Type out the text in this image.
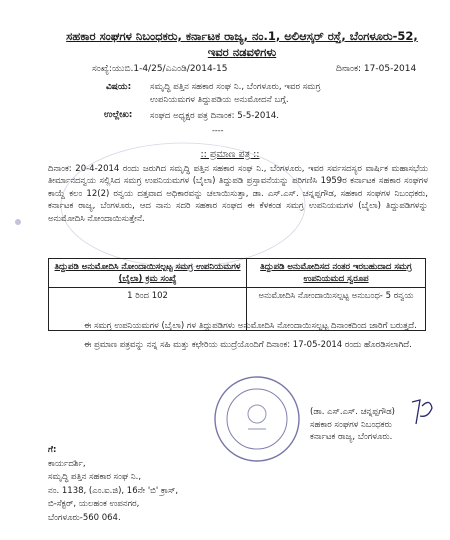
ಸಹಕಾರ ಸಂಘಗಳ ನಿಬಂಧಕರು, ಕರ್ನಾಟಕ ರಾಜ್ಯ, ನಂ.1, ಅಲಿಆಸ್ಕರ್ ರಸ್ತೆ, ಬೆಂಗಳೂರು-52,
ಇವರ ನಡವಳಿಗಳು
ಸಂಖ್ಯೆ:ಯುಬಿ.1-4/25/ಎಎಂಡಿ/2014-15	ದಿನಾಂಕ: 17-05-2014
ವಿಷಯ: ಸಮೃದ್ಧಿ ಪತ್ತಿನ ಸಹಕಾರ ಸಂಘ ನಿ., ಬೆಂಗಳೂರು, ಇವರ ಸಮಗ್ರ
ಉಪನಿಯಮಗಳ ತಿದ್ದುಪಡಿಯ ಅನುಮೋದನೆ ಬಗ್ಗೆ.
ಉಲ್ಲೇಖ: ಸಂಘದ ಅಧ್ಯಕ್ಷರ ಪತ್ರ ದಿನಾಂಕ: 5-5-2014.
----
:: ಪ್ರಮಾಣ ಪತ್ರ ::
ದಿನಾಂಕ: 20-4-2014 ರಂದು ಜರುಗಿದ ಸಮೃದ್ಧಿ ಪತ್ತಿನ ಸಹಕಾರ ಸಂಘ ನಿ., ಬೆಂಗಳೂರು, ಇವರ ಸರ್ವಸದಸ್ಯರ ವಾರ್ಷಿಕ ಮಹಾಸಭೆಯ ತೀರ್ಮಾನದನ್ವಯ ಸಲ್ಲಿಸಿದ ಸಮಗ್ರ ಉಪನಿಯಮಗಳ (ಬೈಲಾ) ತಿದ್ದುಪಡಿ ಪ್ರಸ್ತಾವನೆಯನ್ನು ಪರಿಗಣಿಸಿ 1959ರ ಕರ್ನಾಟಕ ಸಹಕಾರ ಸಂಘಗಳ ಕಾಯ್ದೆ ಕಲಂ 12(2) ರನ್ವಯ ದತ್ತವಾದ ಅಧಿಕಾರವನ್ನು ಚಲಾಯಿಸುತ್ತಾ, ಡಾ. ಎಸ್.ಎಸ್. ಚನ್ನಪ್ಪಗೌಡ, ಸಹಕಾರ ಸಂಘಗಳ ನಿಬಂಧಕರು, ಕರ್ನಾಟಕ ರಾಜ್ಯ, ಬೆಂಗಳೂರು, ಆದ ನಾನು ಸದರಿ ಸಹಕಾರ ಸಂಘದ ಈ ಕೆಳಕಂಡ ಸಮಗ್ರ ಉಪನಿಯಮಗಳ (ಬೈಲಾ) ತಿದ್ದುಪಡಿಗಳನ್ನು ಅನುಮೋದಿಸಿ ನೋಂದಾಯಿಸುತ್ತೇನೆ.
ತಿದ್ದುಪಡಿ ಅನುಮೋದಿಸಿ ನೋಂದಾಯಿಸಲ್ಪಟ್ಟ ಸಮಗ್ರ ಉಪನಿಯಮಗಳ (ಬೈಲಾ) ಕ್ರಮ ಸಂಖ್ಯೆ	ತಿದ್ದುಪಡಿ ಅನುಮೋದಿಸದ ನಂತರ ಇರಬಹುದಾದ ಸಮಗ್ರ ಉಪನಿಯಮದ ಸ್ವರೂಪ
1 ರಿಂದ 102	ಅನುಮೋದಿಸಿ ನೋಂದಾಯಿಸಲ್ಪಟ್ಟ ಅನುಬಂಧ- 5 ರನ್ವಯ
ಈ ಸಮಗ್ರ ಉಪನಿಯಮಗಳ (ಬೈಲಾ) ಗಳ ತಿದ್ದುಪಡಿಗಳು ಅನುಮೋದಿಸಿ ನೋಂದಾಯಿಸಲ್ಪಟ್ಟ ದಿನಾಂಕದಿಂದ ಜಾರಿಗೆ ಬರುತ್ತದೆ.
ಈ ಪ್ರಮಾಣ ಪತ್ರವನ್ನು ನನ್ನ ಸಹಿ ಮತ್ತು ಕಛೇರಿಯ ಮುದ್ರೆಯೊಂದಿಗೆ ದಿನಾಂಕ: 17-05-2014 ರಂದು ಹೊರಡಿಸಲಾಗಿದೆ.
(ಡಾ. ಎಸ್.ಎಸ್. ಚನ್ನಪ್ಪಗೌಡ)
ಸಹಕಾರ ಸಂಘಗಳ ನಿಬಂಧಕರು
ಕರ್ನಾಟಕ ರಾಜ್ಯ, ಬೆಂಗಳೂರು.
ಗೆ:
ಕಾರ್ಯದರ್ಶಿ,
ಸಮೃದ್ಧಿ ಪತ್ತಿನ ಸಹಕಾರ ಸಂಘ ನಿ.,
ನಂ. 1138, (ಎಂ.ಐ.ಜಿ), 16ನೇ 'ಬಿ' ಕ್ರಾಸ್,
ಬಿ-ಸೆಕ್ಟರ್, ಯಲಹಂಕ ಉಪನಗರ,
ಬೆಂಗಳೂರು-560 064.
